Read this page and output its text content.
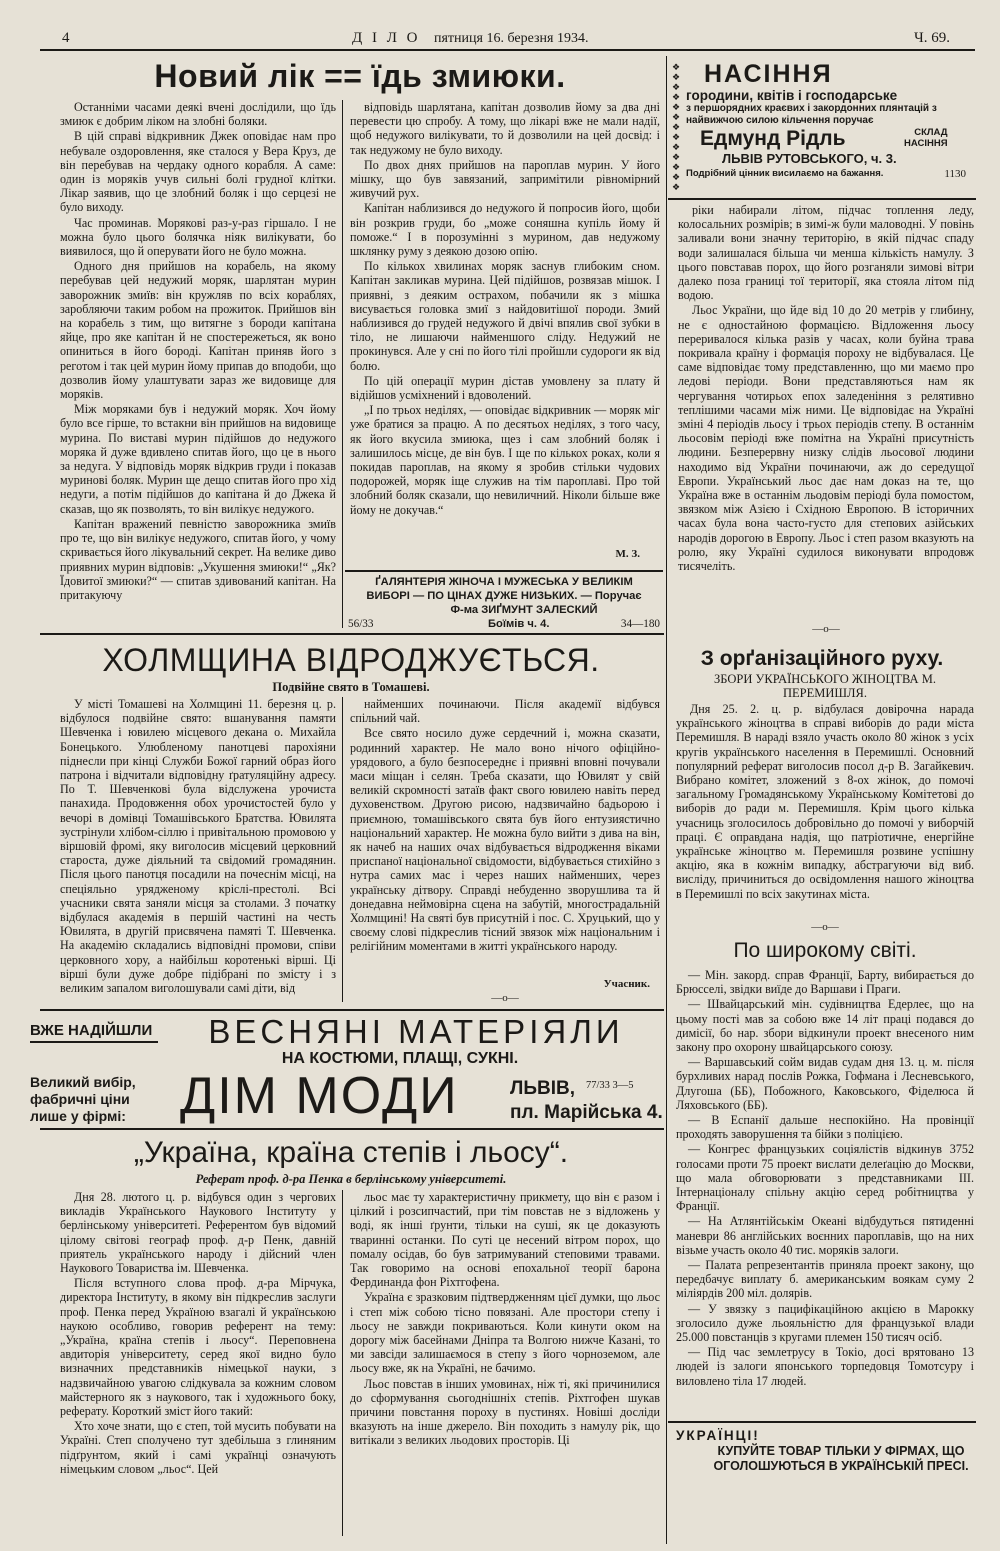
4	Д І Л О пятниця 16. березня 1934.	Ч. 69.
Новий лік == їдь змиюки.

Останніми часами деякі вчені дослідили, що їдь змиюк є добрим ліком на злобні боляки.

В цій справі відкривник Джек оповідає нам про небувале оздоровлення, яке сталося у Вера Круз, де він перебував на чердаку одного корабля. А саме: один із моряків учув сильні болі грудної клітки. Лікар заявив, що це злобний боляк і що серцезі не було виходу.

Час проминав. Морякові раз-у-раз гіршало. І не можна було цього болячка ніяк вилікувати, бо виявилося, що й оперувати його не було можна.

Одного дня прийшов на корабель, на якому перебував цей недужий моряк, шарлятан мурин заворожник змиїв: він кружляв по всіх кораблях, заробляючи таким робом на прожиток. Прийшов він на корабель з тим, що витягне з бороди капітана яйце, про яке капітан й не спостережеться, як воно опиниться в його бороді. Капітан приняв його з реготом і так цей мурин йому припав до вподоби, що дозволив йому улаштувати зараз же видовище для моряків.

Між моряками був і недужий моряк. Хоч йому було все гірше, то встакни він прийшов на видовище мурина. По виставі мурин підійшов до недужого моряка й дуже вдивлено спитав його, що це в нього за недуга. У відповідь моряк відкрив груди і показав муринові боляк. Мурин ще дещо спитав його про хід недуги, а потім підійшов до капітана й до Джека й сказав, що як позволять, то він вилікує недужого.

Капітан вражений певністю заворожника змиїв про те, що він вилікує недужого, спитав його, у чому скривається його лікувальний секрет. На велике диво приявних мурин відповів: „Укушення змиюки!“ „Як? Їдовитої змиюки?“ — спитав здивований капітан. На притакуючу

відповідь шарлятана, капітан дозволив йому за два дні перевести цю спробу. А тому, що лікарі вже не мали надії, щоб недужого вилікувати, то й дозволили на цей досвід: і так недужому не було виходу.

По двох днях прийшов на пароплав мурин. У його мішку, що був завязаний, запримітили рівномірний живучий рух.

Капітан наблизився до недужого й попросив його, щоби він розкрив груди, бо „може соняшна купіль йому й поможе.“ І в порозумінні з мурином, дав недужому шклянку руму з деякою дозою опію.

По кількох хвилинах моряк заснув глибоким сном. Капітан закликав мурина. Цей підійшов, розвязав мішок. І приявні, з деяким острахом, побачили як з мішка висувається головка змиї з найдовитішої породи. Змий наблизився до грудей недужого й двічі впялив свої зубки в тіло, не лишаючи найменшого сліду. Недужий не прокинувся. Але у сні по його тілі пройшли судороги як від болю.

По цій операції мурин дістав умовлену за плату й відійшов усміхнений і вдоволений.

„І по трьох неділях, — оповідає відкривник — моряк міг уже братися за працю. А по десятьох неділях, з того часу, як його вкусила змиюка, щез і сам злобний боляк і залишилось місце, де він був. І ще по кількох роках, коли я покидав пароплав, на якому я зробив стільки чудових подорожей, моряк іще служив на тім пароплаві. Про той злобний боляк сказали, що невиличний. Ніколи більше вже йому не докучав.“

М. З.
ҐАЛЯНТЕРІЯ ЖІНОЧА І МУЖЕСЬКА У ВЕЛИКІМ
ВИБОРІ — ПО ЦІНАХ ДУЖЕ НИЗЬКИХ. — Поручає
Ф-ма ЗИҐМУНТ ЗАЛЕСКИЙ
56/33	Боїмів ч. 4.	34—180
❖ ❖ ❖ ❖ ❖ ❖ ❖ ❖ ❖ ❖ ❖ ❖ ❖
НАСІННЯ
городини, квітів і господарське
з першорядних краєвих і закордонних плянтацій з найвижчою силою кільчення поручає
Едмунд Рідль	СКЛАД
НАСІННЯ
ЛЬВІВ РУТОВСЬКОГО, ч. 3.
Подрібний цінник висилаємо на бажання.	1130

ріки набирали літом, підчас топлення леду, колосальних розмірів; в зимі-ж були маловодні. У повінь заливали вони значну територію, в якій підчас спаду води залишалася більша чи менша кількість намулу. З цього повставав порох, що його розганяли зимові вітри далеко поза границі тої території, яка стояла літом під водою.

Льос України, що йде від 10 до 20 метрів у глибину, не є одностайною формацією. Відложення льосу переривалося кілька разів у часах, коли буйна трава покривала країну і формація пороху не відбувалася. Це саме відповідає тому представленню, що ми маємо про ледові періоди. Вони представляються нам як чергування чотирьох епох заледеніння з релятивно теплішими часами між ними. Це відповідає на Україні зміні 4 періодів льосу і трьох періодів степу. В останнім льосовім періоді вже помітна на Україні присутність людини. Безперервну низку слідів льосової людини находимо від України починаючи, аж до середущої Европи. Український льос дає нам доказ на те, що Україна вже в останнім льодовім періоді була помостом, звязком між Азією і Східною Европою. В історичних часах була вона часто-густо для степових азійських народів дорогою в Европу. Льос і степ разом вказують на ролю, яку Україні судилося виконувати впродовж тисячеліть.

—o—
З орґанізаційного руху.
ЗБОРИ УКРАЇНСЬКОГО ЖІНОЦТВА М. ПЕРЕМИШЛЯ.

Дня 25. 2. ц. р. відбулася довірочна нарада українського жіноцтва в справі виборів до ради міста Перемишля. В нараді взяло участь около 80 жінок з усіх кругів українського населення в Перемишлі. Основний популярний реферат виголосив посол д-р В. Загайкевич. Вибрано комітет, зложений з 8-ох жінок, до помочі загальному Громадянському Українському Комітетові до виборів до ради м. Перемишля. Крім цього кілька учасниць зголосилось добровільно до помочі у виборчій праці. Є оправдана надія, що патріотичне, енергійне українське жіноцтво м. Перемишля розвине успішну акцію, яка в кожнім випадку, абстрагуючи від виб. висліду, причиниться до освідомлення нашого жіноцтва в Перемишлі по всіх закутинах міста.

—o—
По широкому світі.

— Мін. закорд. справ Франції, Барту, вибирається до Брюсселі, звідки виїде до Варшави і Праги.

— Швайцарський мін. судівництва Едерлеє, що на цьому пості мав за собою вже 14 літ праці подався до димісії, бо нар. збори відкинули проект внесеного ним закону про охорону швайцарського союзу.

— Варшавський сойм видав судам дня 13. ц. м. після бурхливих нарад послів Рожка, Гофмана і Лесневського, Длугоша (ББ), Побожного, Каковського, Фіделюса й Ляховського (ББ).

— В Еспанії дальше неспокійно. На провінції проходять заворушення та бійки з поліцією.

— Конгрес французьких соціялістів відкинув 3752 голосами проти 75 проект вислати делеґацію до Москви, що мала обговорювати з представниками ІІІ. Інтернаціоналу спільну акцію серед робітництва у Франції.

— На Атлянтійськім Океані відбудуться пятиденні маневри 86 англійських воєнних пароплавів, що на них візьме участь около 40 тис. моряків залоги.

— Палата репрезентантів приняла проект закону, що передбачує виплату б. американським воякам суму 2 міліярдів 200 міл. долярів.

— У звязку з пацифікаційною акцією в Марокку зголосило дуже льояльністю для французької влади 25.000 повстанців з кругами племен 150 тисяч осіб.

— Під час землетрусу в Токіо, досі врятовано 13 людей із залоги японського торпедовця Томотсуру і виловлено тіла 17 людей.

УКРАЇНЦІ!
КУПУЙТЕ ТОВАР ТІЛЬКИ У ФІРМАХ, ЩО ОГОЛОШУЮТЬСЯ В УКРАЇНСЬКІЙ ПРЕСІ.
ХОЛМЩИНА ВІДРОДЖУЄТЬСЯ.
Подвійне свято в Томашеві.

У місті Томашеві на Холмщині 11. березня ц. р. відбулося подвійне свято: вшанування памяти Шевченка і ювилею місцевого декана о. Михайла Бонецького. Улюбленому панотцеві парохіяни піднесли при кінці Служби Божої гарний образ його патрона і відчитали відповідну ґратуляційну адресу. По Т. Шевченкові була відслужена урочиста панахида. Продовження обох урочистостей було у вечорі в домівці Томашівського Братства. Ювилята зустрінули хлібом-сіллю і привітальною промовою у віршовій фромі, яку виголосив місцевий церковний староста, дуже діяльний та свідомий громадянин. Після цього панотця посадили на почеснім місці, на спеціяльно урядженому кріслі-престолі. Всі учасники свята заняли місця за столами. З початку відбулася академія в першій частині на честь Ювилята, в другій присвячена памяті Т. Шевченка. На академію складались відповідні промови, співи церковного хору, а найбільш коротенькі вірші. Ці вірші були дуже добре підібрані по змісту і з великим запалом виголошували самі діти, від

найменших починаючи. Після академії відбувся спільний чай.

Все свято носило дуже сердечний і, можна сказати, родинний характер. Не мало воно нічого офіційно-урядового, а було безпосереднє і приявні вповні почували маси міщан і селян. Треба сказати, що Ювилят у свій великій скромності затаїв факт свого ювилею навіть перед духовенством. Другою рисою, надзвичайно бадьорою і приємною, томашівського свята був його ентузиястично національний характер. Не можна було вийти з дива на він, як начеб на наших очах відбувається відродження віками приспаної національної свідомости, відбувається стихійно з нутра самих мас і через наших найменших, через українську дітвору. Справді небуденно зворушлива та й донедавна неймовірна сцена на забутій, многострадальній Холмщині! На святі був присутній і пос. С. Хруцький, що у своєму слові підкреслив тісний звязок між національним і релігійним моментами в житті українського народу.

Учасник.
—o—
ВЖЕ НАДІЙШЛИ	ВЕСНЯНІ МАТЕРІЯЛИ
НА КОСТЮМИ, ПЛАЩІ, СУКНІ.
Великий вибір,
фабричні ціни
лише у фірмі:	ДІМ МОДИ	ЛЬВІВ, 77/33 3—5
пл. Марійська 4.
„Україна, країна степів і льосу“.
Реферат проф. д-ра Пенка в берлінському університеті.

Дня 28. лютого ц. р. відбувся один з чергових викладів Українського Наукового Інституту у берлінському університеті. Референтом був відомий цілому світові географ проф. д-р Пенк, давній приятель українського народу і дійсний член Наукового Товариства ім. Шевченка.

Після вступного слова проф. д-ра Мірчука, директора Інституту, в якому він підкреслив заслуги проф. Пенка перед Україною взагалі й українською наукою особливо, говорив референт на тему: „Україна, країна степів і льосу“. Переповнена авдиторія університету, серед якої видно було визначних представників німецької науки, з надзвичайною увагою слідкувала за кожним словом майстерного як з наукового, так і художнього боку, реферату. Короткий зміст його такий:

Хто хоче знати, що є степ, той мусить побувати на Україні. Степ сполучено тут здебільша з глиняним підґрунтом, який і самі українці означують німецьким словом „льос“. Цей

льос має ту характеристичну прикмету, що він є разом і цілкий і розсипчастий, при тім повстав не з відложень у воді, як інші ґрунти, тільки на суші, як це доказують тваринні останки. По суті це несений вітром порох, що помалу осідав, бо був затримуваний степовими травами. Так говоримо на основі епохальної теорії барона Фердинанда фон Ріхтгофена.

Україна є зразковим підтвердженням цієї думки, що льос і степ між собою тісно повязані. Але простори степу і льосу не завжди покриваються. Коли кинути оком на дорогу між басейнами Дніпра та Волгою нижче Казані, то ми завсіди залишаємося в степу з його чорноземом, але льосу вже, як на Україні, не бачимо.

Льос повстав в інших умовинах, ніж ті, які причинилися до сформування сьогоднішніх степів. Ріхтгофен шукав причини повстання пороху в пустинях. Новіші досліди вказують на інше джерело. Він походить з намулу рік, що витікали з великих льодових просторів. Ці
